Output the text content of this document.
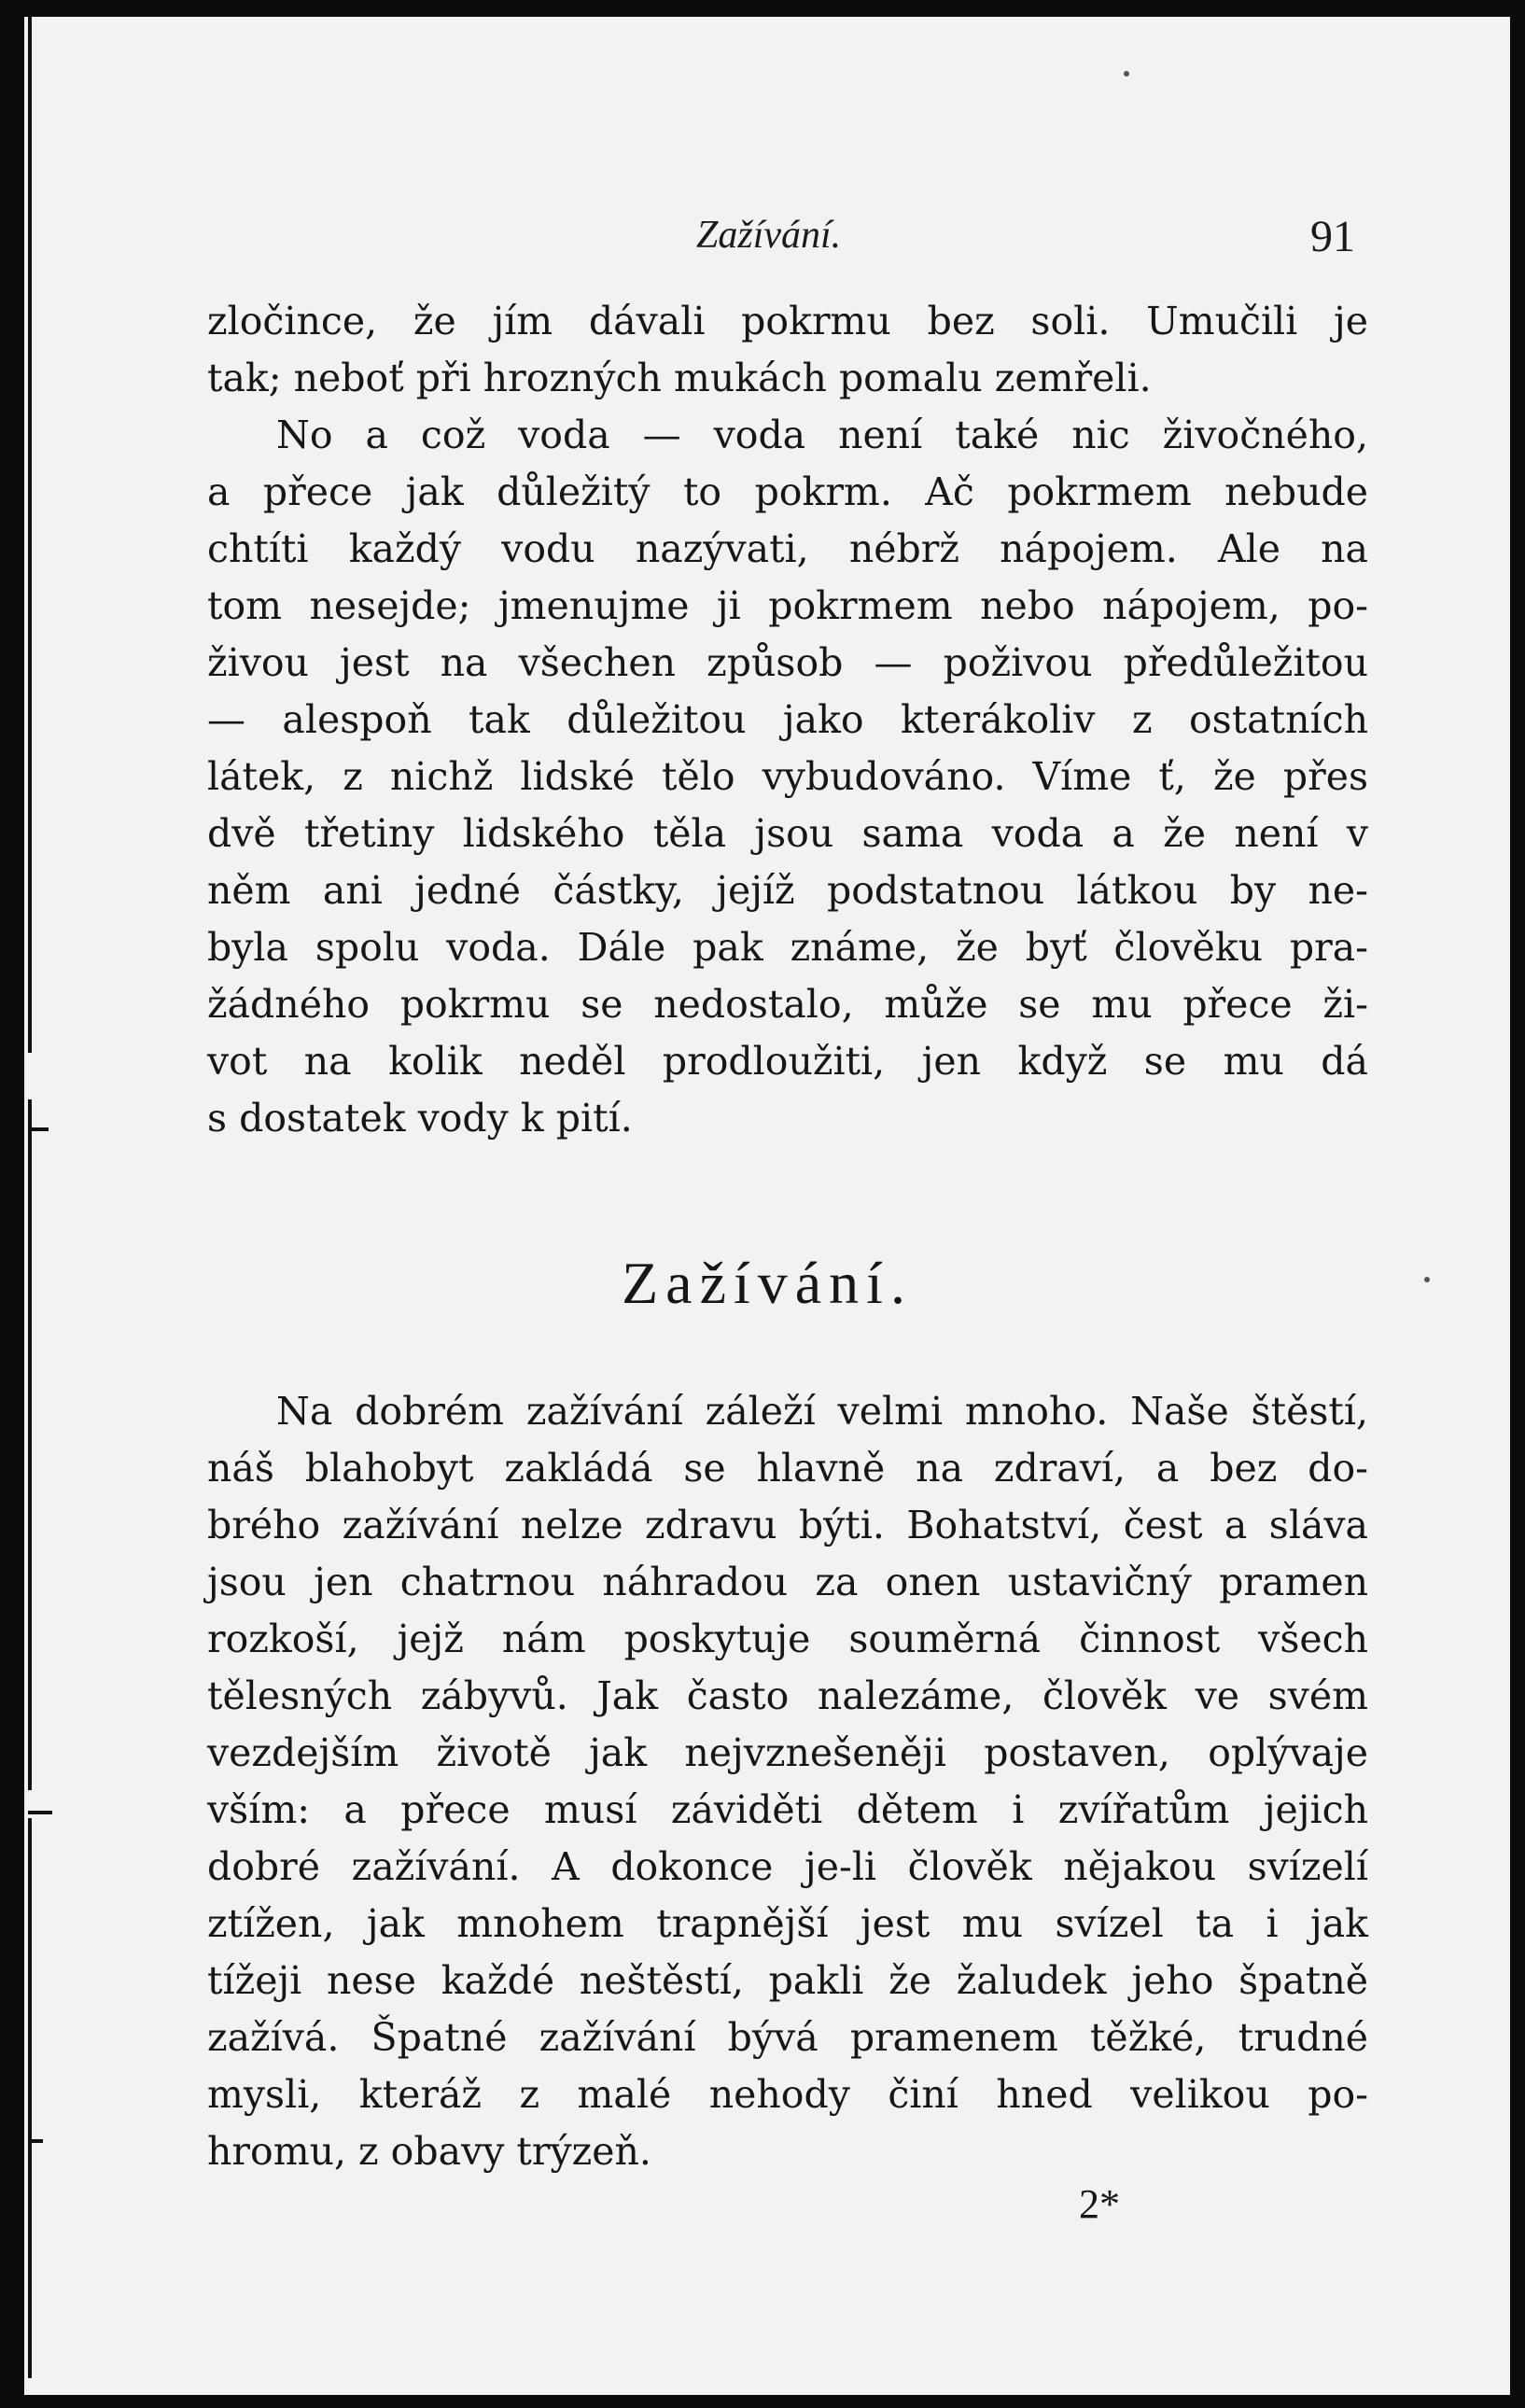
Zažívání.	91
zločince, že jím dávali pokrmu bez soli. Umučili je
tak; neboť při hrozných mukách pomalu zemřeli.
No a což voda — voda není také nic živočného,
a přece jak důležitý to pokrm. Ač pokrmem nebude
chtíti každý vodu nazývati, nébrž nápojem. Ale na
tom nesejde; jmenujme ji pokrmem nebo nápojem, po-
živou jest na všechen způsob — poživou předůležitou
— alespoň tak důležitou jako kterákoliv z ostatních
látek, z nichž lidské tělo vybudováno. Víme ť, že přes
dvě třetiny lidského těla jsou sama voda a že není v
něm ani jedné částky, jejíž podstatnou látkou by ne-
byla spolu voda. Dále pak známe, že byť člověku pra-
žádného pokrmu se nedostalo, může se mu přece ži-
vot na kolik neděl prodloužiti, jen když se mu dá
s dostatek vody k pití.
Zažívání.
Na dobrém zažívání záleží velmi mnoho. Naše štěstí,
náš blahobyt zakládá se hlavně na zdraví, a bez do-
brého zažívání nelze zdravu býti. Bohatství, čest a sláva
jsou jen chatrnou náhradou za onen ustavičný pramen
rozkoší, jejž nám poskytuje souměrná činnost všech
tělesných zábyvů. Jak často nalezáme, člověk ve svém
vezdejším životě jak nejvznešeněji postaven, oplývaje
vším: a přece musí záviděti dětem i zvířatům jejich
dobré zažívání. A dokonce je-li člověk nějakou svízelí
ztížen, jak mnohem trapnější jest mu svízel ta i jak
tížeji nese každé neštěstí, pakli že žaludek jeho špatně
zažívá. Špatné zažívání bývá pramenem těžké, trudné
mysli, kteráž z malé nehody činí hned velikou po-
hromu, z obavy trýzeň.
2*
